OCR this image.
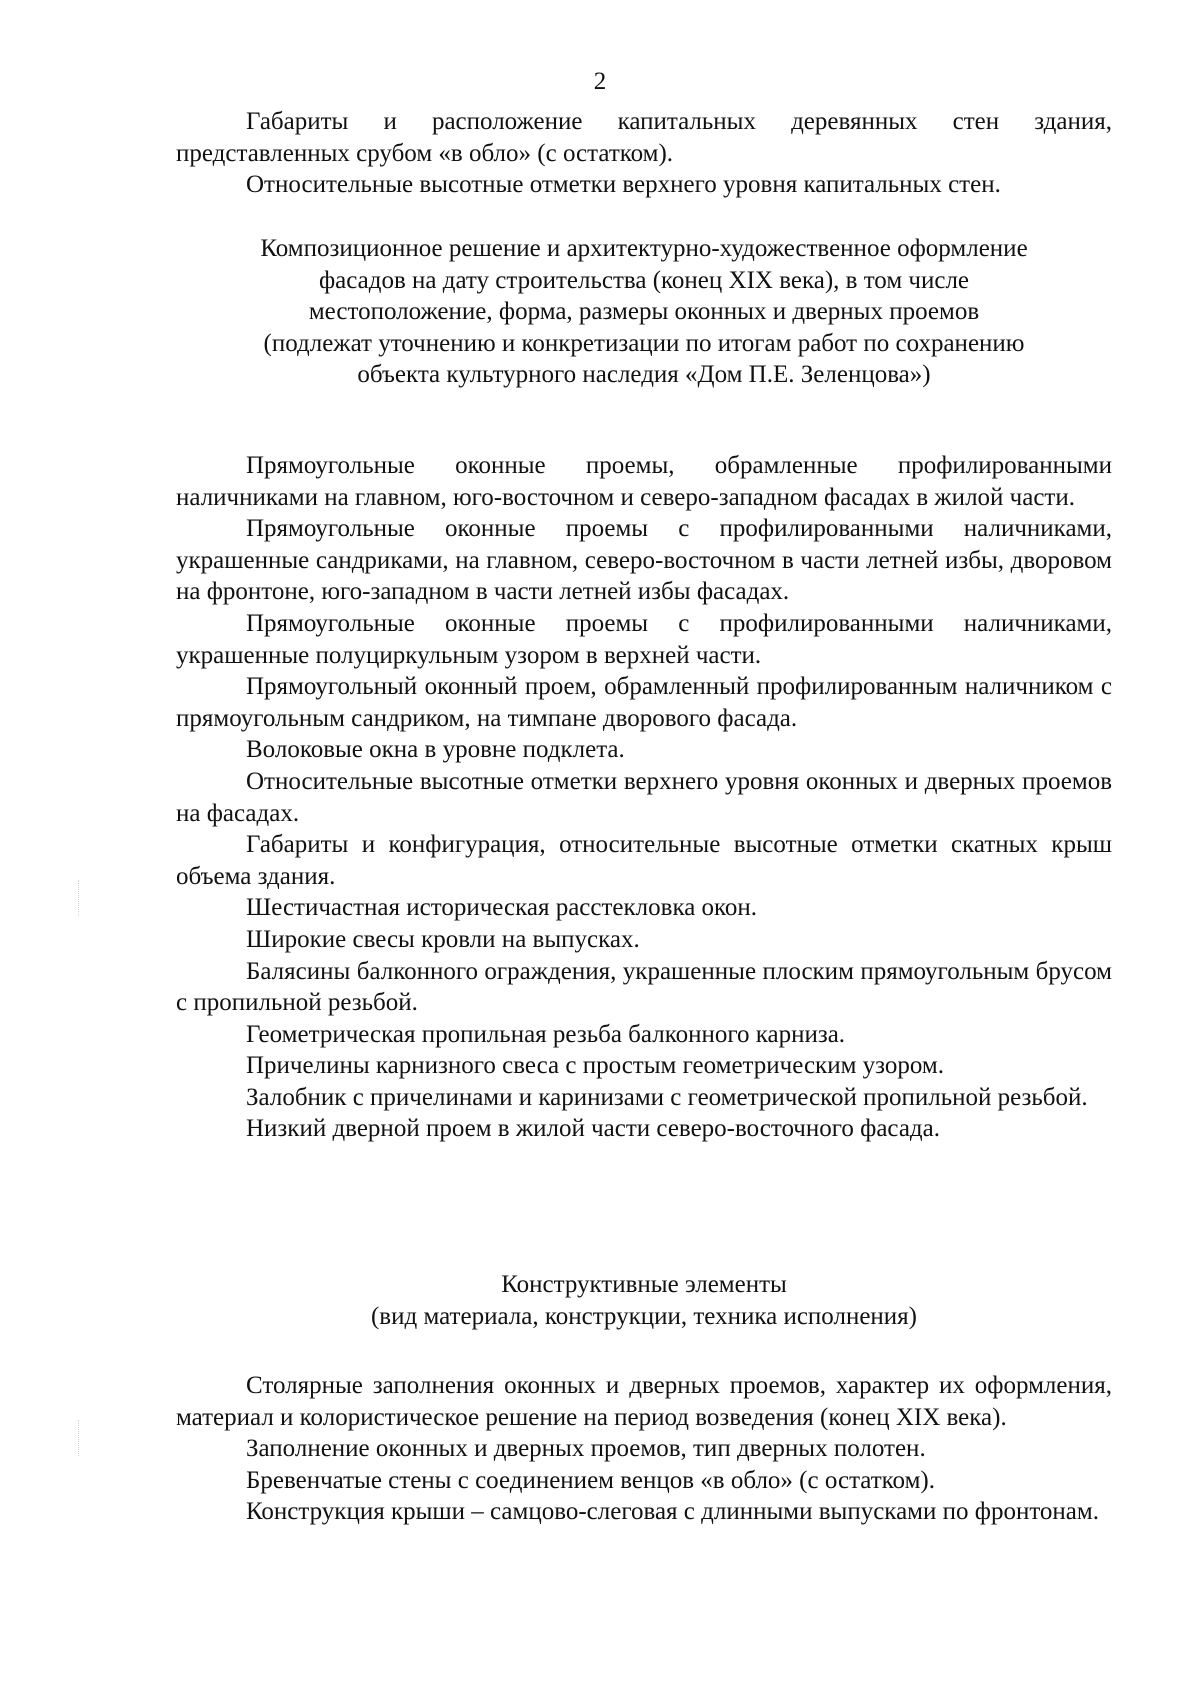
2

Габариты и расположение капитальных деревянных стен здания, представленных срубом «в обло» (с остатком).

Относительные высотные отметки верхнего уровня капитальных стен.

Композиционное решение и архитектурно-художественное оформление
фасадов на дату строительства (конец XIX века), в том числе
местоположение, форма, размеры оконных и дверных проемов
(подлежат уточнению и конкретизации по итогам работ по сохранению
объекта культурного наследия «Дом П.Е. Зеленцова»)

Прямоугольные оконные проемы, обрамленные профилированными наличниками на главном, юго-восточном и северо-западном фасадах в жилой части.

Прямоугольные оконные проемы с профилированными наличниками, украшенные сандриками, на главном, северо-восточном в части летней избы, дворовом на фронтоне, юго-западном в части летней избы фасадах.

Прямоугольные оконные проемы с профилированными наличниками, украшенные полуциркульным узором в верхней части.

Прямоугольный оконный проем, обрамленный профилированным наличником с прямоугольным сандриком, на тимпане дворового фасада.

Волоковые окна в уровне подклета.

Относительные высотные отметки верхнего уровня оконных и дверных проемов на фасадах.

Габариты и конфигурация, относительные высотные отметки скатных крыш объема здания.

Шестичастная историческая расстекловка окон.

Широкие свесы кровли на выпусках.

Балясины балконного ограждения, украшенные плоским прямоугольным брусом с пропильной резьбой.

Геометрическая пропильная резьба балконного карниза.

Причелины карнизного свеса с простым геометрическим узором.

Залобник с причелинами и каринизами с геометрической пропильной резьбой.

Низкий дверной проем в жилой части северо-восточного фасада.

Конструктивные элементы
(вид материала, конструкции, техника исполнения)

Столярные заполнения оконных и дверных проемов, характер их оформления, материал и колористическое решение на период возведения (конец XIX века).

Заполнение оконных и дверных проемов, тип дверных полотен.

Бревенчатые стены с соединением венцов «в обло» (с остатком).

Конструкция крыши – самцово-слеговая с длинными выпусками по фронтонам.
